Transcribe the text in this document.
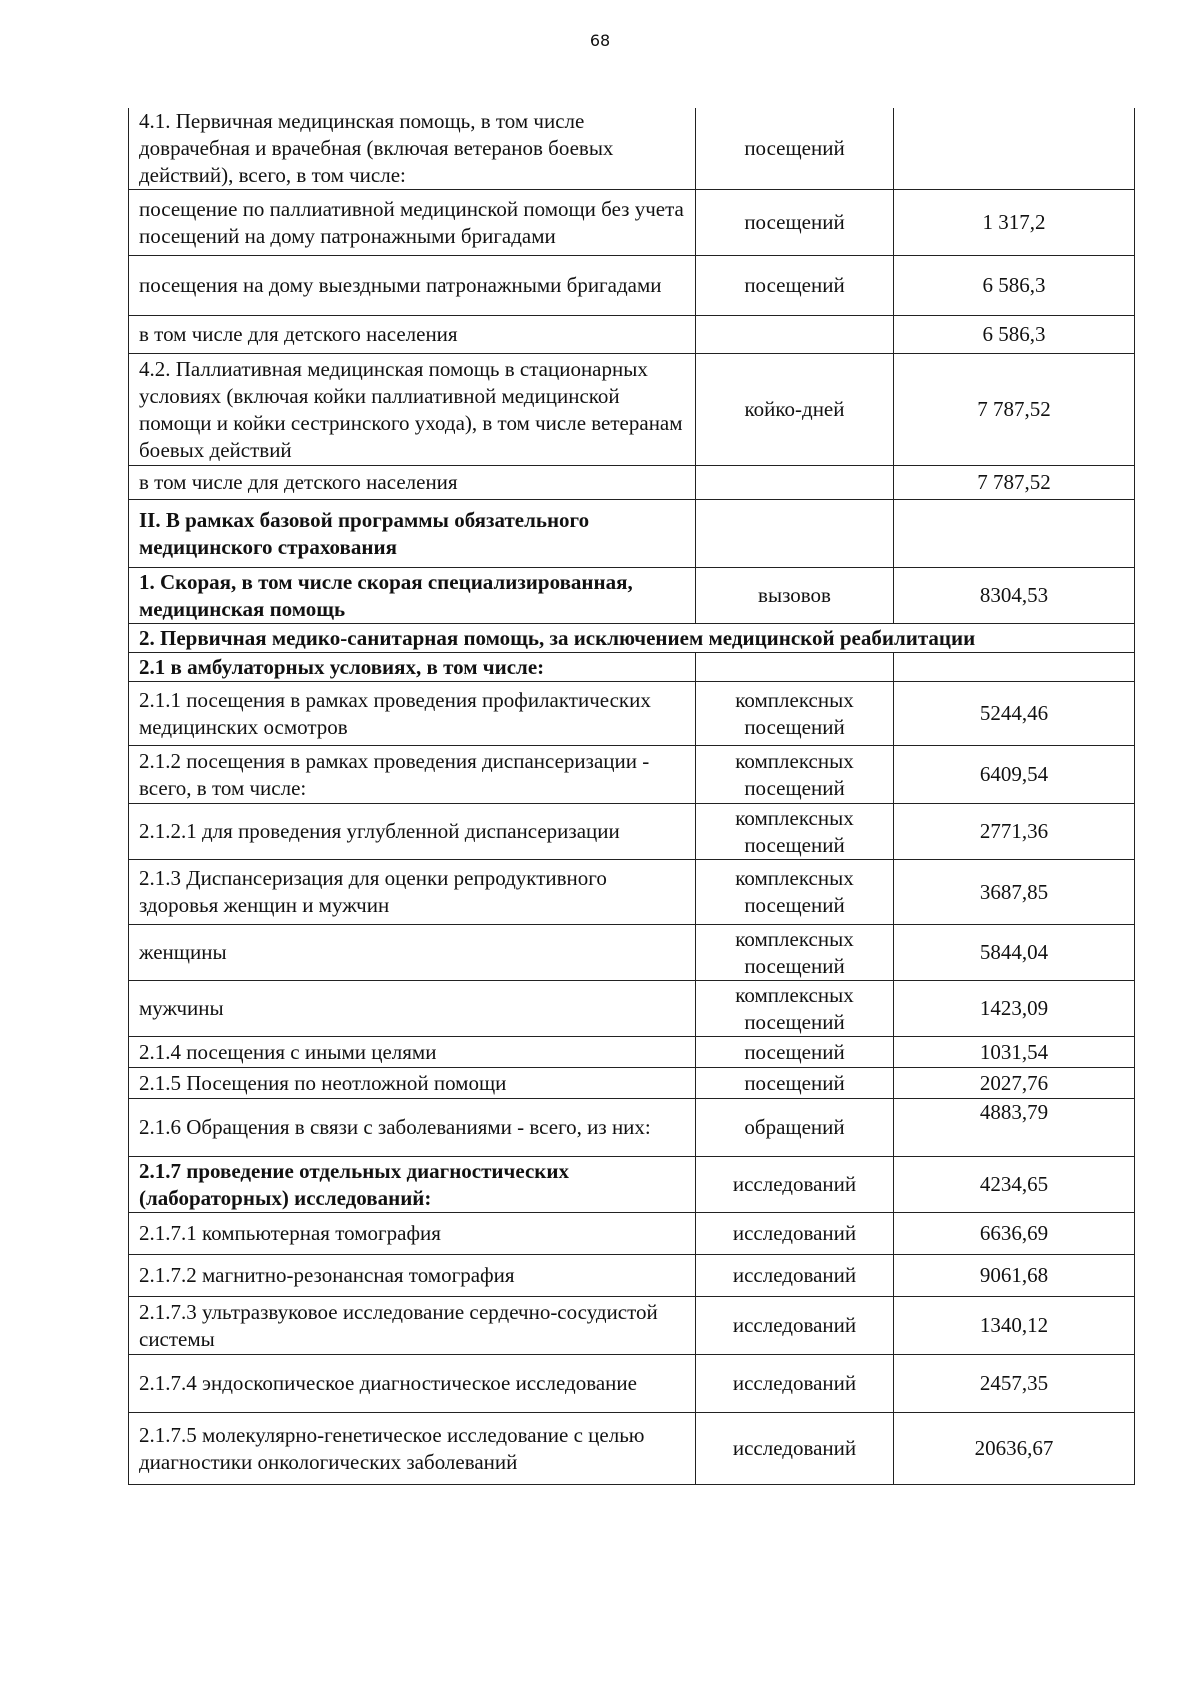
68
4.1. Первичная медицинская помощь, в том числе доврачебная и врачебная (включая ветеранов боевых действий), всего, в том числе:	посещений	
посещение по паллиативной медицинской помощи без учета посещений на дому патронажными бригадами	посещений	1 317,2
посещения на дому выездными патронажными бригадами	посещений	6 586,3
в том числе для детского населения		6 586,3
4.2. Паллиативная медицинская помощь в стационарных условиях (включая койки паллиативной медицинской помощи и койки сестринского ухода), в том числе ветеранам боевых действий	койко-дней	7 787,52
в том числе для детского населения		7 787,52
II. В рамках базовой программы обязательного медицинского страхования		
1. Скорая, в том числе скорая специализированная, медицинская помощь	вызовов	8304,53
2. Первичная медико-санитарная помощь, за исключением медицинской реабилитации		
2.1 в амбулаторных условиях, в том числе:		
2.1.1 посещения в рамках проведения профилактических медицинских осмотров	комплексных посещений	5244,46
2.1.2 посещения в рамках проведения диспансеризации - всего, в том числе:	комплексных посещений	6409,54
2.1.2.1 для проведения углубленной диспансеризации	комплексных посещений	2771,36
2.1.3 Диспансеризация для оценки репродуктивного здоровья женщин и мужчин	комплексных посещений	3687,85
женщины	комплексных посещений	5844,04
мужчины	комплексных посещений	1423,09
2.1.4 посещения с иными целями	посещений	1031,54
2.1.5 Посещения по неотложной помощи	посещений	2027,76
2.1.6 Обращения в связи с заболеваниями - всего, из них:	обращений	4883,79
2.1.7 проведение отдельных диагностических (лабораторных) исследований:	исследований	4234,65
2.1.7.1 компьютерная томография	исследований	6636,69
2.1.7.2 магнитно-резонансная томография	исследований	9061,68
2.1.7.3 ультразвуковое исследование сердечно-сосудистой системы	исследований	1340,12
2.1.7.4 эндоскопическое диагностическое исследование	исследований	2457,35
2.1.7.5 молекулярно-генетическое исследование с целью диагностики онкологических заболеваний	исследований	20636,67
